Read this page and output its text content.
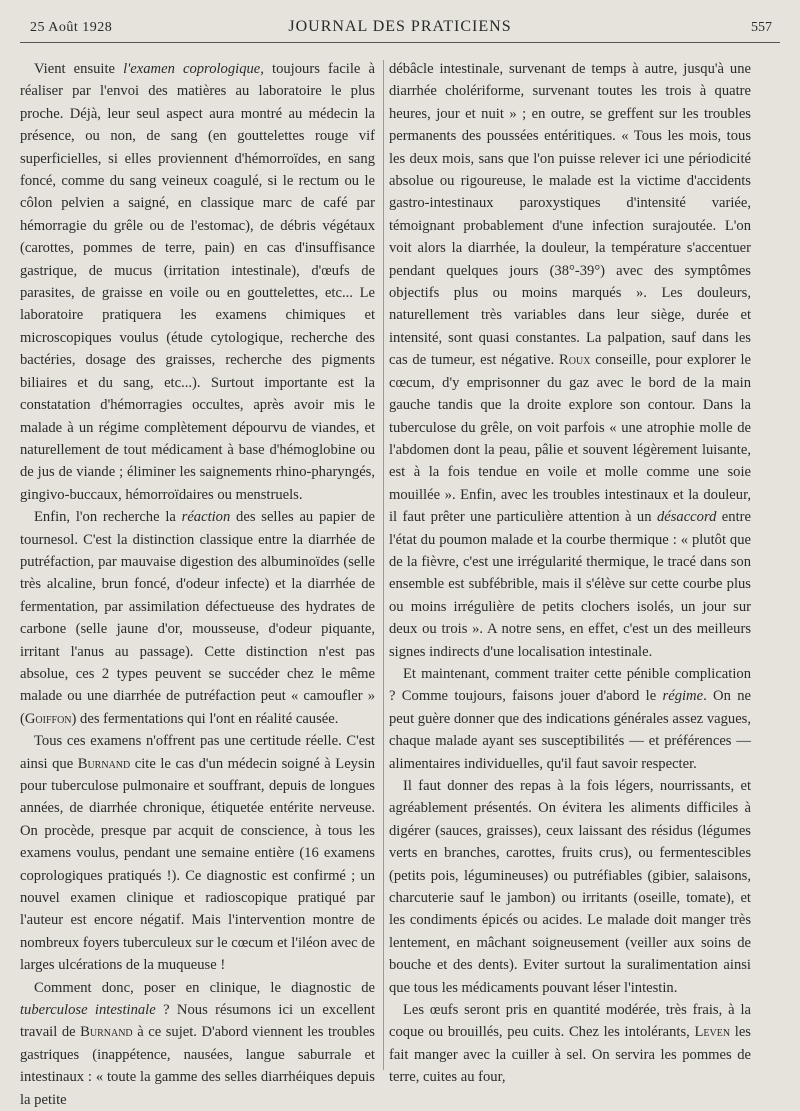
25 Août 1928	JOURNAL DES PRATICIENS	557

Vient ensuite l'examen coprologique, toujours facile à réaliser par l'envoi des matières au laboratoire le plus proche. Déjà, leur seul aspect aura montré au médecin la présence, ou non, de sang (en gouttelettes rouge vif superficielles, si elles proviennent d'hémorroïdes, en sang foncé, comme du sang veineux coagulé, si le rectum ou le côlon pelvien a saigné, en classique marc de café par hémorragie du grêle ou de l'estomac), de débris végétaux (carottes, pommes de terre, pain) en cas d'insuffisance gastrique, de mucus (irritation intestinale), d'œufs de parasites, de graisse en voile ou en gouttelettes, etc... Le laboratoire pratiquera les examens chimiques et microscopiques voulus (étude cytologique, recherche des bactéries, dosage des graisses, recherche des pigments biliaires et du sang, etc...). Surtout importante est la constatation d'hémorragies occultes, après avoir mis le malade à un régime complètement dépourvu de viandes, et naturellement de tout médicament à base d'hémoglobine ou de jus de viande ; éliminer les saignements rhino-pharyngés, gingivo-buccaux, hémorroïdaires ou menstruels.

Enfin, l'on recherche la réaction des selles au papier de tournesol. C'est la distinction classique entre la diarrhée de putréfaction, par mauvaise digestion des albuminoïdes (selle très alcaline, brun foncé, d'odeur infecte) et la diarrhée de fermentation, par assimilation défectueuse des hydrates de carbone (selle jaune d'or, mousseuse, d'odeur piquante, irritant l'anus au passage). Cette distinction n'est pas absolue, ces 2 types peuvent se succéder chez le même malade ou une diarrhée de putréfaction peut « camoufler » (Goiffon) des fermentations qui l'ont en réalité causée.

Tous ces examens n'offrent pas une certitude réelle. C'est ainsi que Burnand cite le cas d'un médecin soigné à Leysin pour tuberculose pulmonaire et souffrant, depuis de longues années, de diarrhée chronique, étiquetée entérite nerveuse. On procède, presque par acquit de conscience, à tous les examens voulus, pendant une semaine entière (16 examens coprologiques pratiqués !). Ce diagnostic est confirmé ; un nouvel examen clinique et radioscopique pratiqué par l'auteur est encore négatif. Mais l'intervention montre de nombreux foyers tuberculeux sur le cœcum et l'iléon avec de larges ulcérations de la muqueuse !

Comment donc, poser en clinique, le diagnostic de tuberculose intestinale ? Nous résumons ici un excellent travail de Burnand à ce sujet. D'abord viennent les troubles gastriques (inappétence, nausées, langue saburrale et intestinaux : « toute la gamme des selles diarrhéiques depuis la petite

débâcle intestinale, survenant de temps à autre, jusqu'à une diarrhée cholériforme, survenant toutes les trois à quatre heures, jour et nuit » ; en outre, se greffent sur les troubles permanents des poussées entéritiques. « Tous les mois, tous les deux mois, sans que l'on puisse relever ici une périodicité absolue ou rigoureuse, le malade est la victime d'accidents gastro-intestinaux paroxystiques d'intensité variée, témoignant probablement d'une infection surajoutée. L'on voit alors la diarrhée, la douleur, la température s'accentuer pendant quelques jours (38°-39°) avec des symptômes objectifs plus ou moins marqués ». Les douleurs, naturellement très variables dans leur siège, durée et intensité, sont quasi constantes. La palpation, sauf dans les cas de tumeur, est négative. Roux conseille, pour explorer le cœcum, d'y emprisonner du gaz avec le bord de la main gauche tandis que la droite explore son contour. Dans la tuberculose du grêle, on voit parfois « une atrophie molle de l'abdomen dont la peau, pâlie et souvent légèrement luisante, est à la fois tendue en voile et molle comme une soie mouillée ». Enfin, avec les troubles intestinaux et la douleur, il faut prêter une particulière attention à un désaccord entre l'état du poumon malade et la courbe thermique : « plutôt que de la fièvre, c'est une irrégularité thermique, le tracé dans son ensemble est subfébrible, mais il s'élève sur cette courbe plus ou moins irrégulière de petits clochers isolés, un jour sur deux ou trois ». A notre sens, en effet, c'est un des meilleurs signes indirects d'une localisation intestinale.

Et maintenant, comment traiter cette pénible complication ? Comme toujours, faisons jouer d'abord le régime. On ne peut guère donner que des indications générales assez vagues, chaque malade ayant ses susceptibilités — et préférences — alimentaires individuelles, qu'il faut savoir respecter.

Il faut donner des repas à la fois légers, nourrissants, et agréablement présentés. On évitera les aliments difficiles à digérer (sauces, graisses), ceux laissant des résidus (légumes verts en branches, carottes, fruits crus), ou fermentescibles (petits pois, légumineuses) ou putréfiables (gibier, salaisons, charcuterie sauf le jambon) ou irritants (oseille, tomate), et les condiments épicés ou acides. Le malade doit manger très lentement, en mâchant soigneusement (veiller aux soins de bouche et des dents). Eviter surtout la suralimentation ainsi que tous les médicaments pouvant léser l'intestin.

Les œufs seront pris en quantité modérée, très frais, à la coque ou brouillés, peu cuits. Chez les intolérants, Leven les fait manger avec la cuiller à sel. On servira les pommes de terre, cuites au four,
